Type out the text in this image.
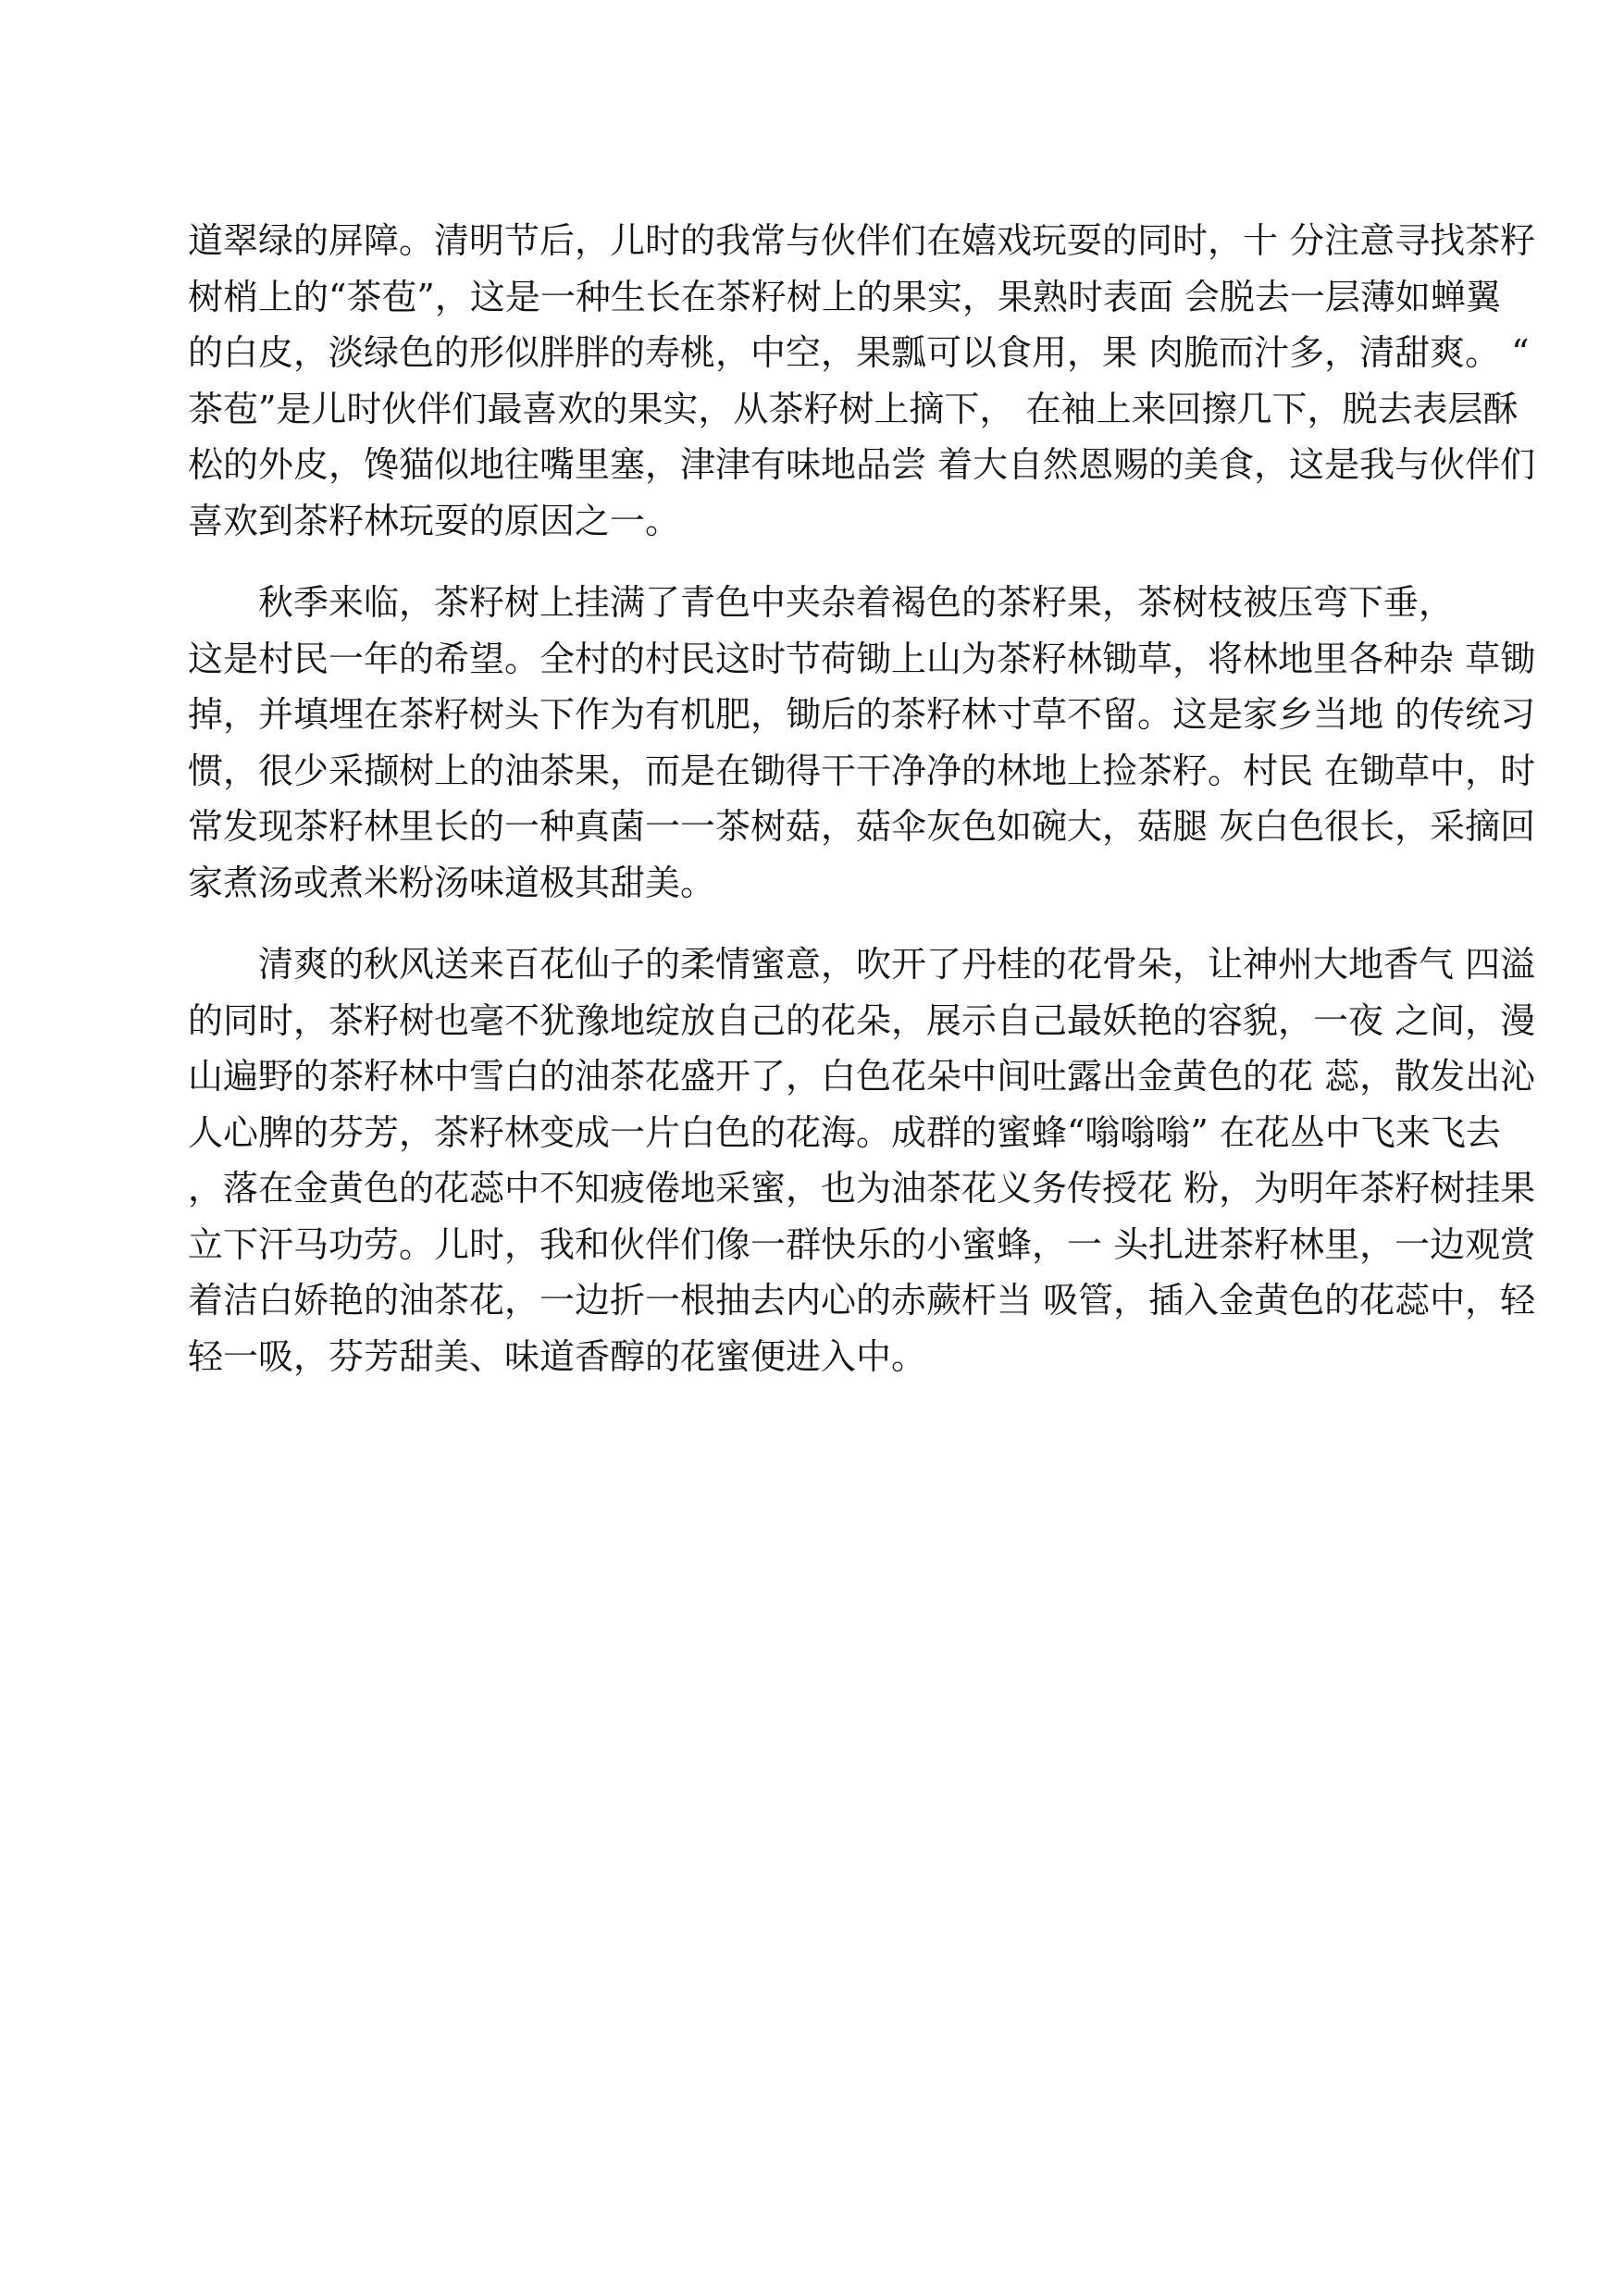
道翠绿的屏障。清明节后，儿时的我常与伙伴们在嬉戏玩耍的同时，十 分注意寻找茶籽
树梢上的“茶苞”，这是一种生长在茶籽树上的果实，果熟时表面 会脱去一层薄如蝉翼
的白皮，淡绿色的形似胖胖的寿桃，中空，果瓢可以食用，果 肉脆而汁多，清甜爽。 “
茶苞”是儿时伙伴们最喜欢的果实，从茶籽树上摘下， 在袖上来回擦几下，脱去表层酥
松的外皮，馋猫似地往嘴里塞，津津有味地品尝 着大自然恩赐的美食，这是我与伙伴们
喜欢到茶籽林玩耍的原因之一。
秋季来临，茶籽树上挂满了青色中夹杂着褐色的茶籽果，茶树枝被压弯下垂，
这是村民一年的希望。全村的村民这时节荷锄上山为茶籽林锄草，将林地里各种杂 草锄
掉，并填埋在茶籽树头下作为有机肥，锄后的茶籽林寸草不留。这是家乡当地 的传统习
惯，很少采撷树上的油茶果，而是在锄得干干净净的林地上捡茶籽。村民 在锄草中，时
常发现茶籽林里长的一种真菌一一茶树菇，菇伞灰色如碗大，菇腿 灰白色很长，采摘回
家煮汤或煮米粉汤味道极其甜美。
清爽的秋风送来百花仙子的柔情蜜意，吹开了丹桂的花骨朵，让神州大地香气 四溢
的同时，茶籽树也毫不犹豫地绽放自己的花朵，展示自己最妖艳的容貌，一夜 之间，漫
山遍野的茶籽林中雪白的油茶花盛开了，白色花朵中间吐露出金黄色的花 蕊，散发出沁
人心脾的芬芳，茶籽林变成一片白色的花海。成群的蜜蜂“嗡嗡嗡” 在花丛中飞来飞去
，落在金黄色的花蕊中不知疲倦地采蜜，也为油茶花义务传授花 粉，为明年茶籽树挂果
立下汗马功劳。儿时，我和伙伴们像一群快乐的小蜜蜂，一 头扎进茶籽林里，一边观赏
着洁白娇艳的油茶花，一边折一根抽去内心的赤蕨杆当 吸管，插入金黄色的花蕊中，轻
轻一吸，芬芳甜美、味道香醇的花蜜便进入中。
